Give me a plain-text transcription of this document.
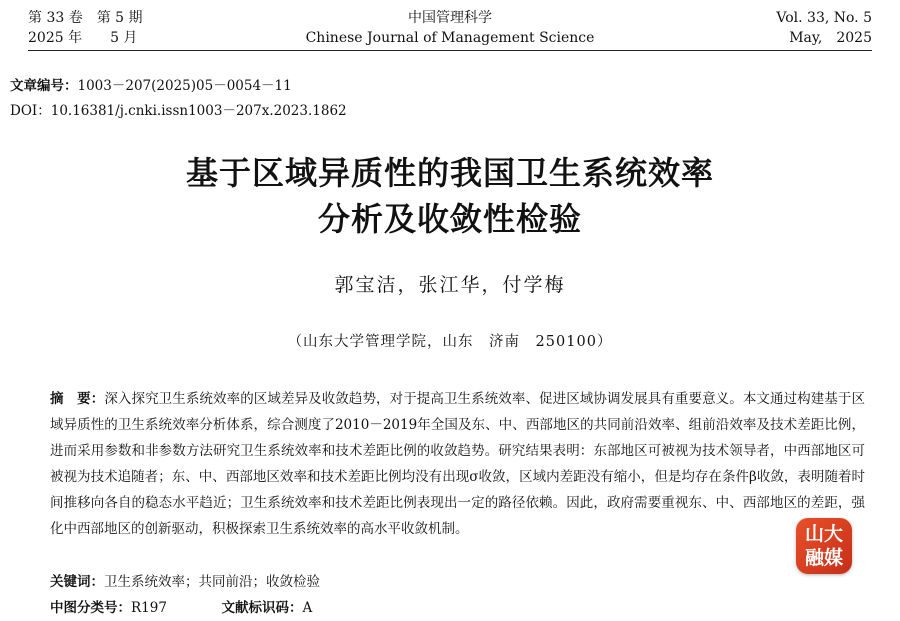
第 33 卷　第 5 期
2025 年　　5 月
中国管理科学
Chinese Journal of Management Science
Vol. 33, No. 5
May,　2025
文章编号：1003－207(2025)05－0054－11
DOI：10.16381/j.cnki.issn1003－207x.2023.1862
基于区域异质性的我国卫生系统效率
分析及收敛性检验
郭宝洁，张江华，付学梅
（山东大学管理学院，山东　济南　250100）

摘　要：深入探究卫生系统效率的区域差异及收敛趋势，对于提高卫生系统效率、促进区域协调发展具有重要意义。本文通过构建基于区域异质性的卫生系统效率分析体系，综合测度了2010－2019年全国及东、中、西部地区的共同前沿效率、组前沿效率及技术差距比例，进而采用参数和非参数方法研究卫生系统效率和技术差距比例的收敛趋势。研究结果表明：东部地区可被视为技术领导者，中西部地区可被视为技术追随者；东、中、西部地区效率和技术差距比例均没有出现σ收敛，区域内差距没有缩小，但是均存在条件β收敛，表明随着时间推移向各自的稳态水平趋近；卫生系统效率和技术差距比例表现出一定的路径依赖。因此，政府需要重视东、中、西部地区的差距，强化中西部地区的创新驱动，积极探索卫生系统效率的高水平收敛机制。

关键词：卫生系统效率；共同前沿；收敛检验
中图分类号：R197	文献标识码：A
山大
融媒
